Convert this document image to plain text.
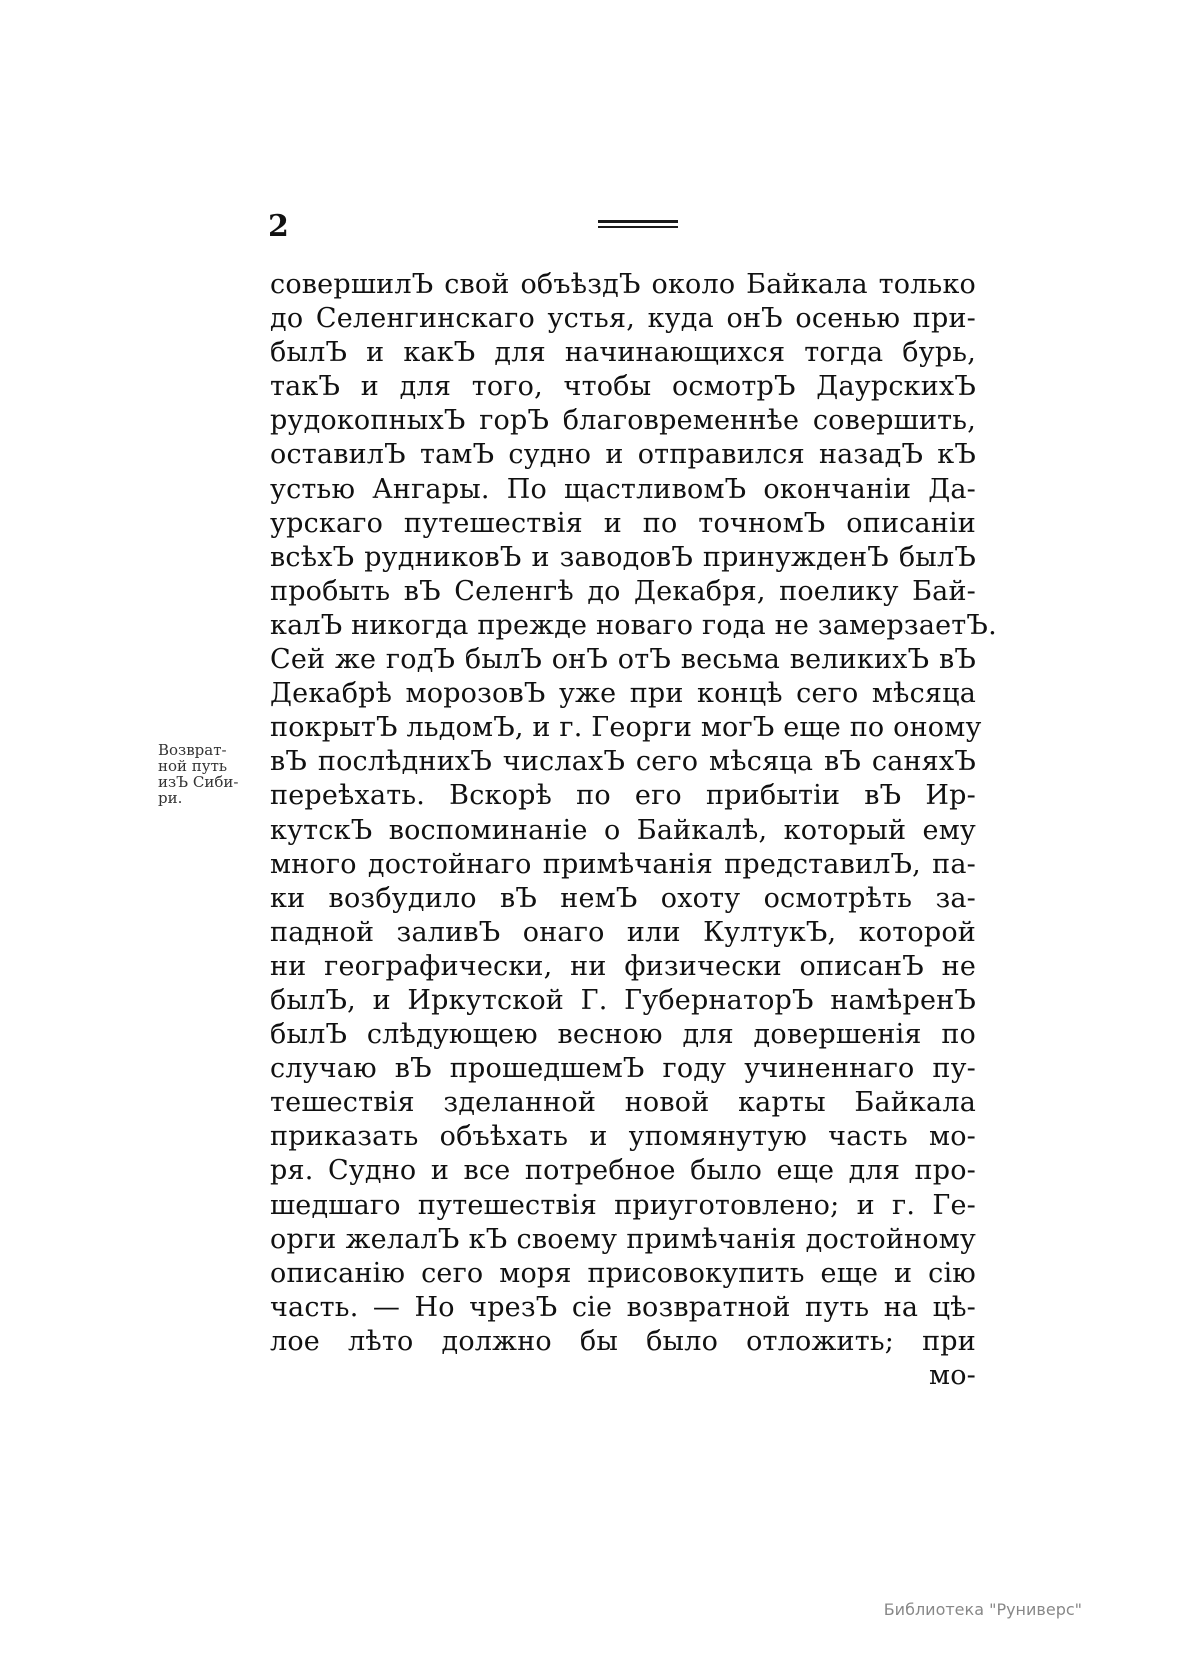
2
Возврат-
ной путь
изЪ Сиби-
ри.
совершилЪ свой объѣздЪ около Байкала только
до Селенгинскаго устья, куда онЪ осенью при-
былЪ и какЪ для начинающихся тогда бурь,
такЪ и для того, чтобы осмотрЪ ДаурскихЪ
рудокопныхЪ горЪ благовременнѣе совершить,
оставилЪ тамЪ судно и отправился назадЪ кЪ
устью Ангары. По щастливомЪ окончаніи Да-
урскаго путешествія и по точномЪ описаніи
всѣхЪ рудниковЪ и заводовЪ принужденЪ былЪ
пробыть вЪ Селенгѣ до Декабря, поелику Бай-
калЪ никогда прежде новаго года не замерзаетЪ.
Сей же годЪ былЪ онЪ отЪ весьма великихЪ вЪ
Декабрѣ морозовЪ уже при концѣ сего мѣсяца
покрытЪ льдомЪ, и г. Георги могЪ еще по оному
вЪ послѣднихЪ числахЪ сего мѣсяца вЪ саняхЪ
переѣхать. Вскорѣ по его прибытіи вЪ Ир-
кутскЪ воспоминаніе о Байкалѣ, который ему
много достойнаго примѣчанія представилЪ, па-
ки возбудило вЪ немЪ охоту осмотрѣть за-
падной заливЪ онаго или КултукЪ, которой
ни географически, ни физически описанЪ не
былЪ, и Иркутской Г. ГубернаторЪ намѣренЪ
былЪ слѣдующею весною для довершенія по
случаю вЪ прошедшемЪ году учиненнаго пу-
тешествія зделанной новой карты Байкала
приказать объѣхать и упомянутую часть мо-
ря. Судно и все потребное было еще для про-
шедшаго путешествія приуготовлено; и г. Ге-
орги желалЪ кЪ своему примѣчанія достойному
описанію сего моря присовокупить еще и сію
часть. — Но чрезЪ сіе возвратной путь на цѣ-
лое лѣто должно бы было отложить; при
мо-
Библиотека "Руниверс"
